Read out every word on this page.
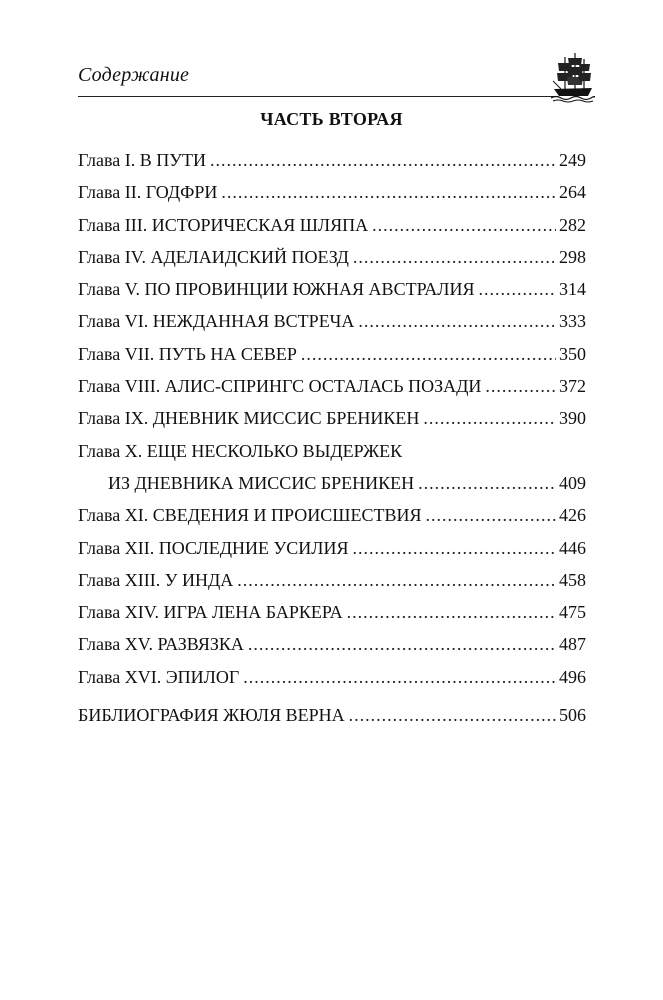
Содержание
ЧАСТЬ ВТОРАЯ
Глава I. В ПУТИ .....	249
Глава II. ГОДФРИ .....	264
Глава III. ИСТОРИЧЕСКАЯ ШЛЯПА .....	282
Глава IV. АДЕЛАИДСКИЙ ПОЕЗД .....	298
Глава V. ПО ПРОВИНЦИИ ЮЖНАЯ АВСТРАЛИЯ .....	314
Глава VI. НЕЖДАННАЯ ВСТРЕЧА .....	333
Глава VII. ПУТЬ НА СЕВЕР .....	350
Глава VIII. АЛИС-СПРИНГС ОСТАЛАСЬ ПОЗАДИ .....	372
Глава IX. ДНЕВНИК МИССИС БРЕНИКЕН .....	390
Глава X. ЕЩЕ НЕСКОЛЬКО ВЫДЕРЖЕК
ИЗ ДНЕВНИКА МИССИС БРЕНИКЕН .....	409
Глава XI. СВЕДЕНИЯ И ПРОИСШЕСТВИЯ .....	426
Глава XII. ПОСЛЕДНИЕ УСИЛИЯ .....	446
Глава XIII. У ИНДА .....	458
Глава XIV. ИГРА ЛЕНА БАРКЕРА .....	475
Глава XV. РАЗВЯЗКА .....	487
Глава XVI. ЭПИЛОГ .....	496
БИБЛИОГРАФИЯ ЖЮЛЯ ВЕРНА .....	506
